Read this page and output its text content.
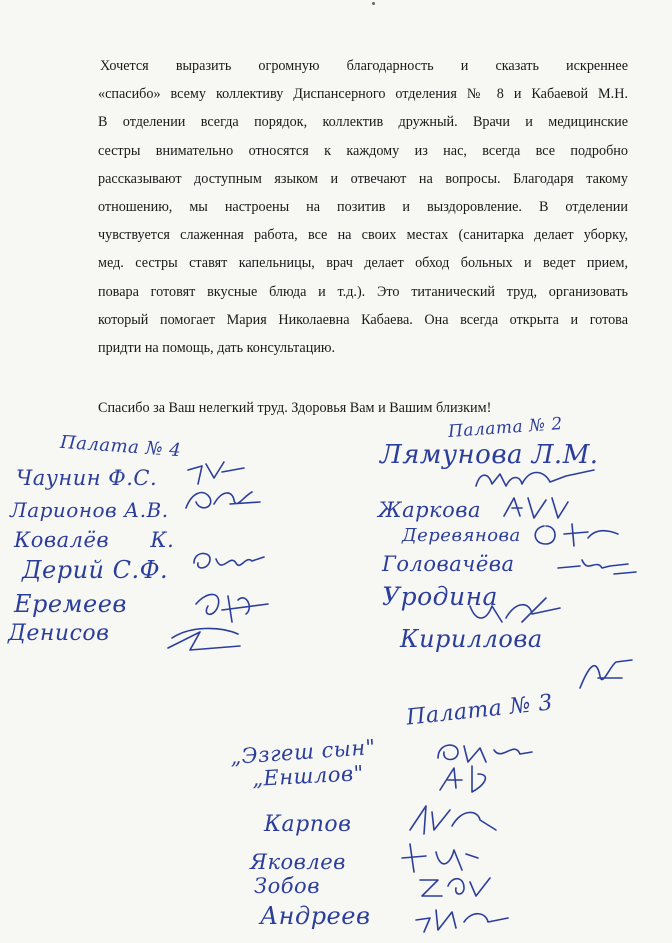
Хочется выразить огромную благодарность и сказать искреннее
«спасибо» всему коллективу Диспансерного отделения № 8 и Кабаевой М.Н.
В отделении всегда порядок, коллектив дружный. Врачи и медицинские
сестры внимательно относятся к каждому из нас, всегда все подробно
рассказывают доступным языком и отвечают на вопросы. Благодаря такому
отношению, мы настроены на позитив и выздоровление. В отделении
чувствуется слаженная работа, все на своих местах (санитарка делает уборку,
мед. сестры ставят капельницы, врач делает обход больных и ведет прием,
повара готовят вкусные блюда и т.д.). Это титанический труд, организовать
который помогает Мария Николаевна Кабаева. Она всегда открыта и готова
придти на помощь, дать консультацию.

Спасибо за Ваш нелегкий труд. Здоровья Вам и Вашим близким!
Палата № 4
Чаунин Ф.С.
Ларионов А.В.
Ковалёв К.
Дерий С.Ф.
Еремеев
Денисов
Палата № 2
Лямунова Л.М.
Жаркова
Деревянова
Головачёва
Уродина
Кириллова
Палата № 3
„Эзгеш сын"
„Еншлов"
Карпов
Яковлев
Зобов
Андреев
